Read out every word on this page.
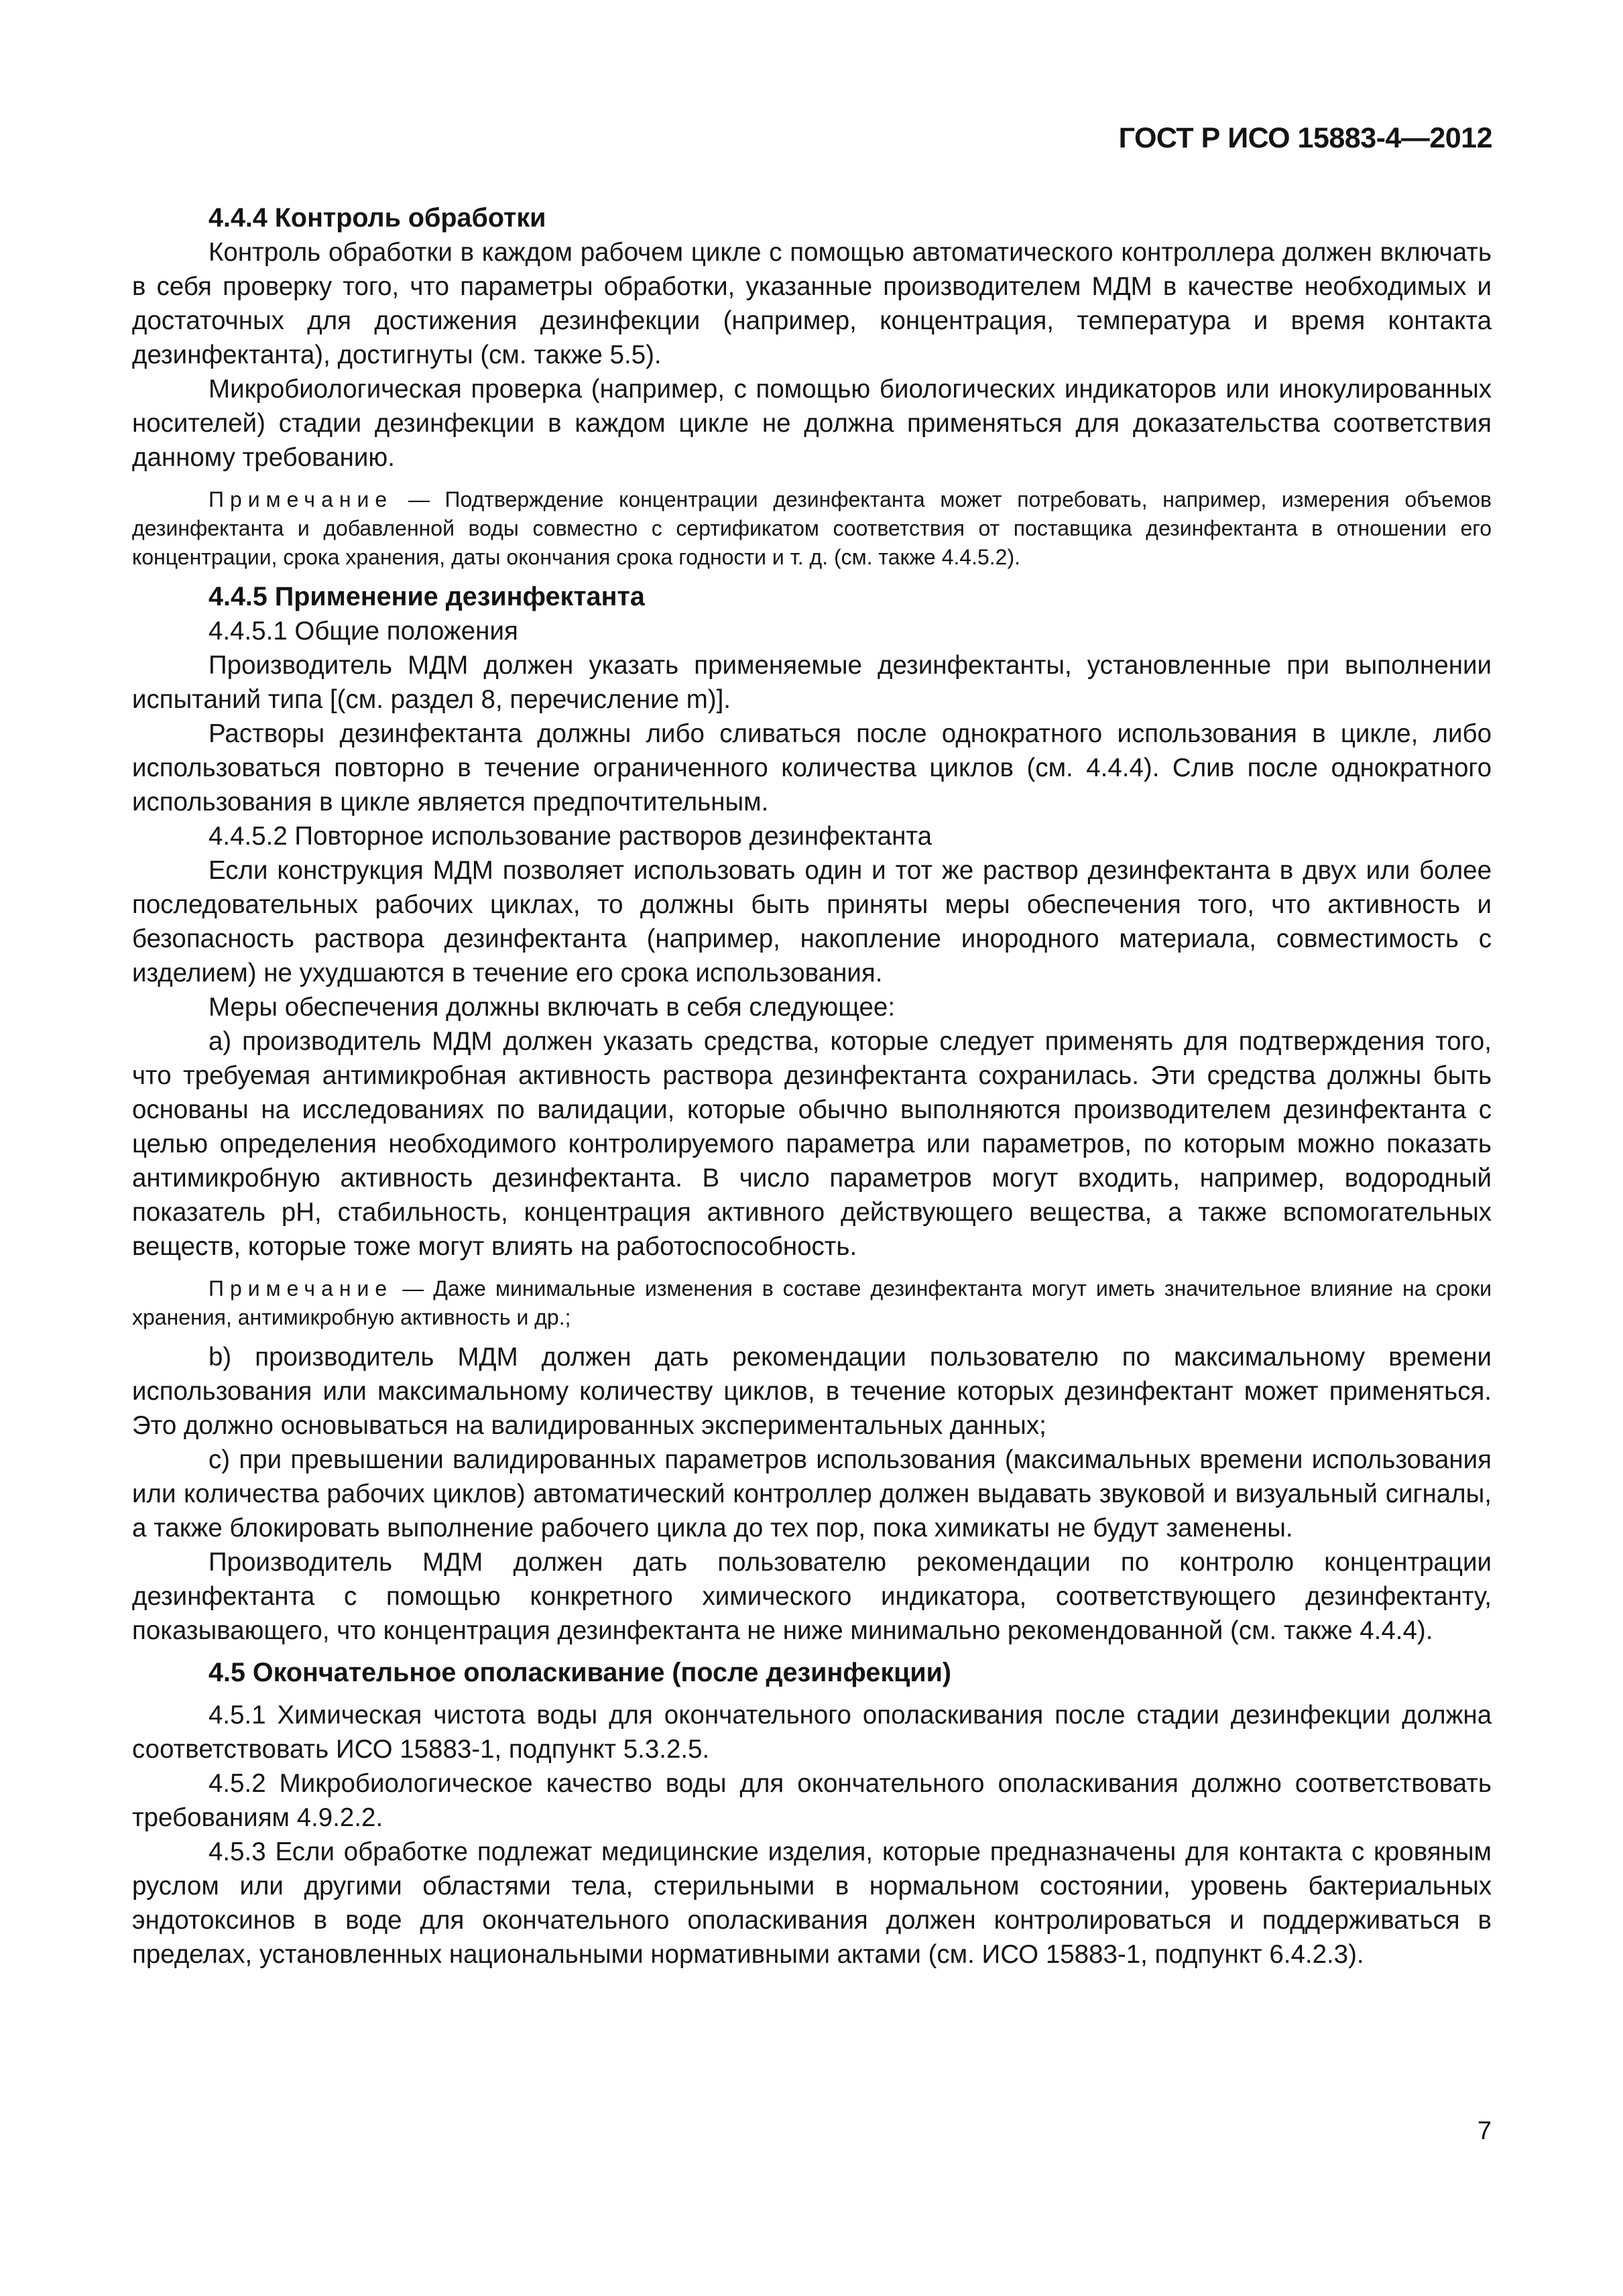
ГОСТ Р ИСО 15883-4—2012

4.4.4 Контроль обработки

Контроль обработки в каждом рабочем цикле с помощью автоматического контроллера должен включать в себя проверку того, что параметры обработки, указанные производителем МДМ в качестве необходимых и достаточных для достижения дезинфекции (например, концентрация, температура и время контакта дезинфектанта), достигнуты (см. также 5.5).

Микробиологическая проверка (например, с помощью биологических индикаторов или инокулированных носителей) стадии дезинфекции в каждом цикле не должна применяться для доказательства соответствия данному требованию.

Примечание — Подтверждение концентрации дезинфектанта может потребовать, например, измерения объемов дезинфектанта и добавленной воды совместно с сертификатом соответствия от поставщика дезинфектанта в отношении его концентрации, срока хранения, даты окончания срока годности и т. д. (см. также 4.4.5.2).

4.4.5 Применение дезинфектанта

4.4.5.1 Общие положения

Производитель МДМ должен указать применяемые дезинфектанты, установленные при выполнении испытаний типа [(см. раздел 8, перечисление m)].

Растворы дезинфектанта должны либо сливаться после однократного использования в цикле, либо использоваться повторно в течение ограниченного количества циклов (см. 4.4.4). Слив после однократного использования в цикле является предпочтительным.

4.4.5.2 Повторное использование растворов дезинфектанта

Если конструкция МДМ позволяет использовать один и тот же раствор дезинфектанта в двух или более последовательных рабочих циклах, то должны быть приняты меры обеспечения того, что активность и безопасность раствора дезинфектанта (например, накопление инородного материала, совместимость с изделием) не ухудшаются в течение его срока использования.

Меры обеспечения должны включать в себя следующее:

a) производитель МДМ должен указать средства, которые следует применять для подтверждения того, что требуемая антимикробная активность раствора дезинфектанта сохранилась. Эти средства должны быть основаны на исследованиях по валидации, которые обычно выполняются производителем дезинфектанта с целью определения необходимого контролируемого параметра или параметров, по которым можно показать антимикробную активность дезинфектанта. В число параметров могут входить, например, водородный показатель pH, стабильность, концентрация активного действующего вещества, а также вспомогательных веществ, которые тоже могут влиять на работоспособность.

Примечание — Даже минимальные изменения в составе дезинфектанта могут иметь значительное влияние на сроки хранения, антимикробную активность и др.;

b) производитель МДМ должен дать рекомендации пользователю по максимальному времени использования или максимальному количеству циклов, в течение которых дезинфектант может применяться. Это должно основываться на валидированных экспериментальных данных;

c) при превышении валидированных параметров использования (максимальных времени использования или количества рабочих циклов) автоматический контроллер должен выдавать звуковой и визуальный сигналы, а также блокировать выполнение рабочего цикла до тех пор, пока химикаты не будут заменены.

Производитель МДМ должен дать пользователю рекомендации по контролю концентрации дезинфектанта с помощью конкретного химического индикатора, соответствующего дезинфектанту, показывающего, что концентрация дезинфектанта не ниже минимально рекомендованной (см. также 4.4.4).

4.5 Окончательное ополаскивание (после дезинфекции)

4.5.1 Химическая чистота воды для окончательного ополаскивания после стадии дезинфекции должна соответствовать ИСО 15883-1, подпункт 5.3.2.5.

4.5.2 Микробиологическое качество воды для окончательного ополаскивания должно соответствовать требованиям 4.9.2.2.

4.5.3 Если обработке подлежат медицинские изделия, которые предназначены для контакта с кровяным руслом или другими областями тела, стерильными в нормальном состоянии, уровень бактериальных эндотоксинов в воде для окончательного ополаскивания должен контролироваться и поддерживаться в пределах, установленных национальными нормативными актами (см. ИСО 15883-1, подпункт 6.4.2.3).

7
